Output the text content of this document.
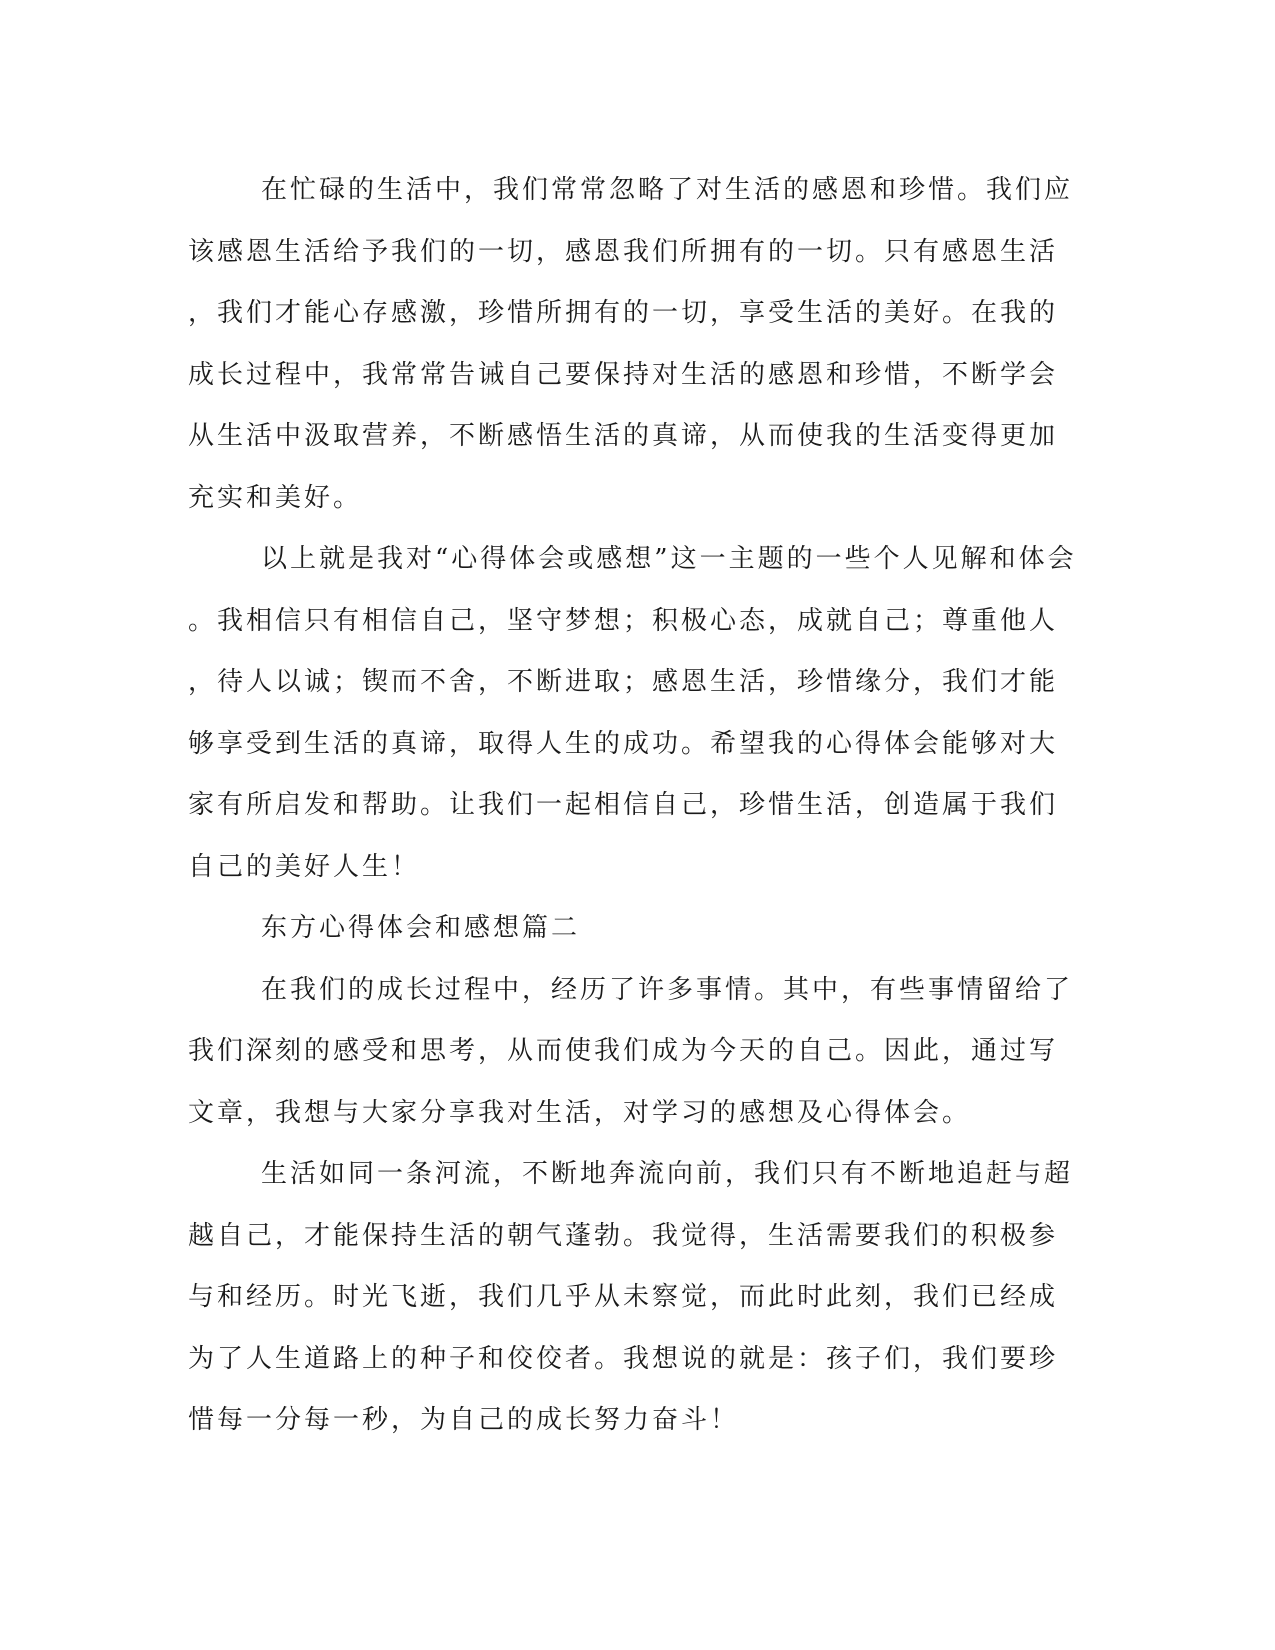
在忙碌的生活中，我们常常忽略了对生活的感恩和珍惜。我们应
该感恩生活给予我们的一切，感恩我们所拥有的一切。只有感恩生活
，我们才能心存感激，珍惜所拥有的一切，享受生活的美好。在我的
成长过程中，我常常告诫自己要保持对生活的感恩和珍惜，不断学会
从生活中汲取营养，不断感悟生活的真谛，从而使我的生活变得更加
充实和美好。
以上就是我对“心得体会或感想”这一主题的一些个人见解和体会
。我相信只有相信自己，坚守梦想；积极心态，成就自己；尊重他人
，待人以诚；锲而不舍，不断进取；感恩生活，珍惜缘分，我们才能
够享受到生活的真谛，取得人生的成功。希望我的心得体会能够对大
家有所启发和帮助。让我们一起相信自己，珍惜生活，创造属于我们
自己的美好人生！
东方心得体会和感想篇二
在我们的成长过程中，经历了许多事情。其中，有些事情留给了
我们深刻的感受和思考，从而使我们成为今天的自己。因此，通过写
文章，我想与大家分享我对生活，对学习的感想及心得体会。
生活如同一条河流，不断地奔流向前，我们只有不断地追赶与超
越自己，才能保持生活的朝气蓬勃。我觉得，生活需要我们的积极参
与和经历。时光飞逝，我们几乎从未察觉，而此时此刻，我们已经成
为了人生道路上的种子和佼佼者。我想说的就是：孩子们，我们要珍
惜每一分每一秒，为自己的成长努力奋斗！
